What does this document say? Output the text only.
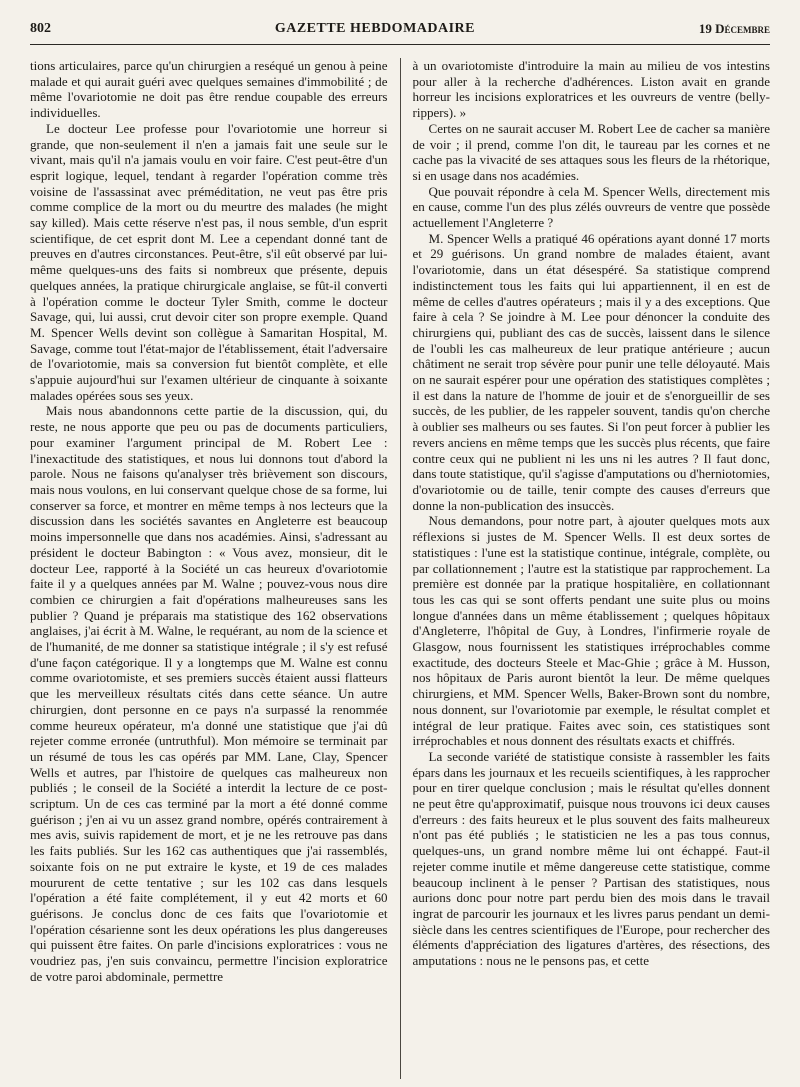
802	GAZETTE HEBDOMADAIRE	19 Décembre

tions articulaires, parce qu'un chirurgien a reséqué un genou à peine malade et qui aurait guéri avec quelques semaines d'immobilité ; de même l'ovariotomie ne doit pas être rendue coupable des erreurs individuelles.

Le docteur Lee professe pour l'ovariotomie une horreur si grande, que non-seulement il n'en a jamais fait une seule sur le vivant, mais qu'il n'a jamais voulu en voir faire. C'est peut-être d'un esprit logique, lequel, tendant à regarder l'opération comme très voisine de l'assassinat avec préméditation, ne veut pas être pris comme complice de la mort ou du meurtre des malades (he might say killed). Mais cette réserve n'est pas, il nous semble, d'un esprit scientifique, de cet esprit dont M. Lee a cependant donné tant de preuves en d'autres circonstances. Peut-être, s'il eût observé par lui-même quelques-uns des faits si nombreux que présente, depuis quelques années, la pratique chirurgicale anglaise, se fût-il converti à l'opération comme le docteur Tyler Smith, comme le docteur Savage, qui, lui aussi, crut devoir citer son propre exemple. Quand M. Spencer Wells devint son collègue à Samaritan Hospital, M. Savage, comme tout l'état-major de l'établissement, était l'adversaire de l'ovariotomie, mais sa conversion fut bientôt complète, et elle s'appuie aujourd'hui sur l'examen ultérieur de cinquante à soixante malades opérées sous ses yeux.

Mais nous abandonnons cette partie de la discussion, qui, du reste, ne nous apporte que peu ou pas de documents particuliers, pour examiner l'argument principal de M. Robert Lee : l'inexactitude des statistiques, et nous lui donnons tout d'abord la parole. Nous ne faisons qu'analyser très brièvement son discours, mais nous voulons, en lui conservant quelque chose de sa forme, lui conserver sa force, et montrer en même temps à nos lecteurs que la discussion dans les sociétés savantes en Angleterre est beaucoup moins impersonnelle que dans nos académies. Ainsi, s'adressant au président le docteur Babington : « Vous avez, monsieur, dit le docteur Lee, rapporté à la Société un cas heureux d'ovariotomie faite il y a quelques années par M. Walne ; pouvez-vous nous dire combien ce chirurgien a fait d'opérations malheureuses sans les publier ? Quand je préparais ma statistique des 162 observations anglaises, j'ai écrit à M. Walne, le requérant, au nom de la science et de l'humanité, de me donner sa statistique intégrale ; il s'y est refusé d'une façon catégorique. Il y a longtemps que M. Walne est connu comme ovariotomiste, et ses premiers succès étaient aussi flatteurs que les merveilleux résultats cités dans cette séance. Un autre chirurgien, dont personne en ce pays n'a surpassé la renommée comme heureux opérateur, m'a donné une statistique que j'ai dû rejeter comme erronée (untruthful). Mon mémoire se terminait par un résumé de tous les cas opérés par MM. Lane, Clay, Spencer Wells et autres, par l'histoire de quelques cas malheureux non publiés ; le conseil de la Société a interdit la lecture de ce post-scriptum. Un de ces cas terminé par la mort a été donné comme guérison ; j'en ai vu un assez grand nombre, opérés contrairement à mes avis, suivis rapidement de mort, et je ne les retrouve pas dans les faits publiés. Sur les 162 cas authentiques que j'ai rassemblés, soixante fois on ne put extraire le kyste, et 19 de ces malades moururent de cette tentative ; sur les 102 cas dans lesquels l'opération a été faite complétement, il y eut 42 morts et 60 guérisons. Je conclus donc de ces faits que l'ovariotomie et l'opération césarienne sont les deux opérations les plus dangereuses qui puissent être faites. On parle d'incisions exploratrices : vous ne voudriez pas, j'en suis convaincu, permettre l'incision exploratrice de votre paroi abdominale, permettre

à un ovariotomiste d'introduire la main au milieu de vos intestins pour aller à la recherche d'adhérences. Liston avait en grande horreur les incisions exploratrices et les ouvreurs de ventre (belly-rippers). »

Certes on ne saurait accuser M. Robert Lee de cacher sa manière de voir ; il prend, comme l'on dit, le taureau par les cornes et ne cache pas la vivacité de ses attaques sous les fleurs de la rhétorique, si en usage dans nos académies.

Que pouvait répondre à cela M. Spencer Wells, directement mis en cause, comme l'un des plus zélés ouvreurs de ventre que possède actuellement l'Angleterre ?

M. Spencer Wells a pratiqué 46 opérations ayant donné 17 morts et 29 guérisons. Un grand nombre de malades étaient, avant l'ovariotomie, dans un état désespéré. Sa statistique comprend indistinctement tous les faits qui lui appartiennent, il en est de même de celles d'autres opérateurs ; mais il y a des exceptions. Que faire à cela ? Se joindre à M. Lee pour dénoncer la conduite des chirurgiens qui, publiant des cas de succès, laissent dans le silence de l'oubli les cas malheureux de leur pratique antérieure ; aucun châtiment ne serait trop sévère pour punir une telle déloyauté. Mais on ne saurait espérer pour une opération des statistiques complètes ; il est dans la nature de l'homme de jouir et de s'enorgueillir de ses succès, de les publier, de les rappeler souvent, tandis qu'on cherche à oublier ses malheurs ou ses fautes. Si l'on peut forcer à publier les revers anciens en même temps que les succès plus récents, que faire contre ceux qui ne publient ni les uns ni les autres ? Il faut donc, dans toute statistique, qu'il s'agisse d'amputations ou d'herniotomies, d'ovariotomie ou de taille, tenir compte des causes d'erreurs que donne la non-publication des insuccès.

Nous demandons, pour notre part, à ajouter quelques mots aux réflexions si justes de M. Spencer Wells. Il est deux sortes de statistiques : l'une est la statistique continue, intégrale, complète, ou par collationnement ; l'autre est la statistique par rapprochement. La première est donnée par la pratique hospitalière, en collationnant tous les cas qui se sont offerts pendant une suite plus ou moins longue d'années dans un même établissement ; quelques hôpitaux d'Angleterre, l'hôpital de Guy, à Londres, l'infirmerie royale de Glasgow, nous fournissent les statistiques irréprochables comme exactitude, des docteurs Steele et Mac-Ghie ; grâce à M. Husson, nos hôpitaux de Paris auront bientôt la leur. De même quelques chirurgiens, et MM. Spencer Wells, Baker-Brown sont du nombre, nous donnent, sur l'ovariotomie par exemple, le résultat complet et intégral de leur pratique. Faites avec soin, ces statistiques sont irréprochables et nous donnent des résultats exacts et chiffrés.

La seconde variété de statistique consiste à rassembler les faits épars dans les journaux et les recueils scientifiques, à les rapprocher pour en tirer quelque conclusion ; mais le résultat qu'elles donnent ne peut être qu'approximatif, puisque nous trouvons ici deux causes d'erreurs : des faits heureux et le plus souvent des faits malheureux n'ont pas été publiés ; le statisticien ne les a pas tous connus, quelques-uns, un grand nombre même lui ont échappé. Faut-il rejeter comme inutile et même dangereuse cette statistique, comme beaucoup inclinent à le penser ? Partisan des statistiques, nous aurions donc pour notre part perdu bien des mois dans le travail ingrat de parcourir les journaux et les livres parus pendant un demi-siècle dans les centres scientifiques de l'Europe, pour rechercher des éléments d'appréciation des ligatures d'artères, des résections, des amputations : nous ne le pensons pas, et cette
